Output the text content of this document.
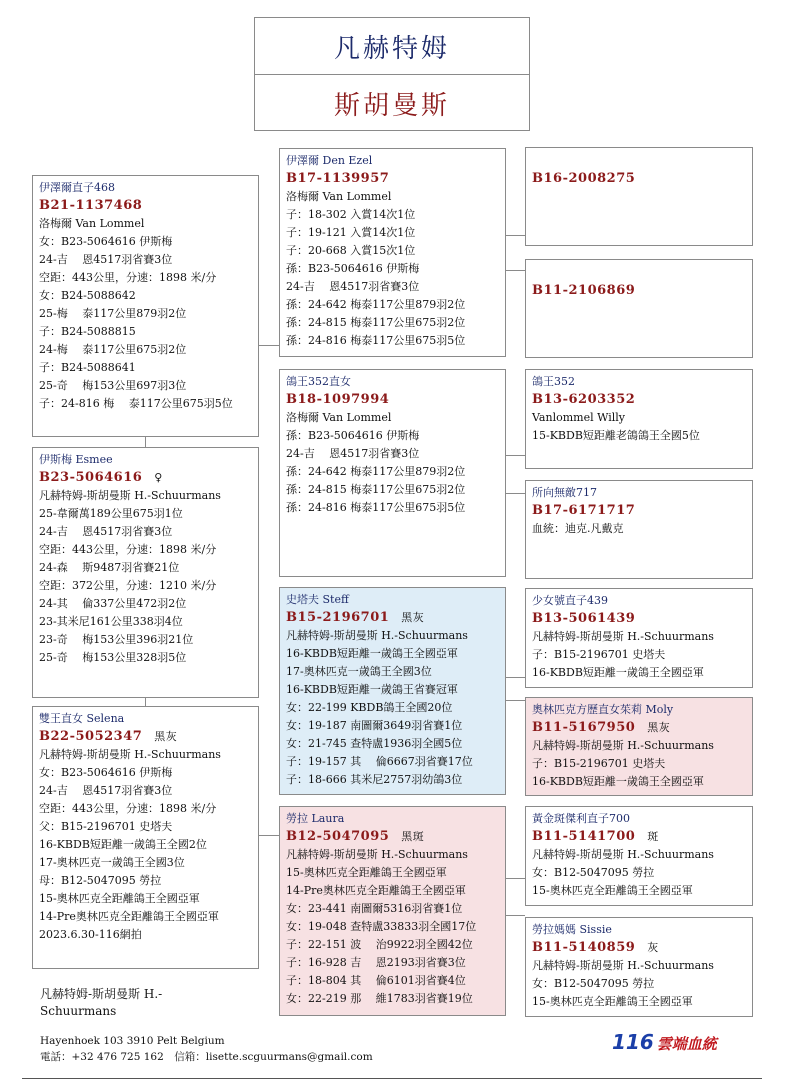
凡赫特姆
斯胡曼斯
伊澤爾直子468
B21-1137468
洛梅爾 Van Lommel
女：B23-5064616 伊斯梅
24-吉　 恩4517羽省賽3位
空距：443公里，分速：1898 米/分
女：B24-5088642
25-梅　 泰117公里879羽2位
子：B24-5088815
24-梅　 泰117公里675羽2位
子：B24-5088641
25-奇　 梅153公里697羽3位
子：24-816 梅　 泰117公里675羽5位
伊斯梅 Esmee
B23-5064616 ♀
凡赫特姆-斯胡曼斯 H.-Schuurmans
25-韋爾萬189公里675羽1位
24-吉　 恩4517羽省賽3位
空距：443公里，分速：1898 米/分
24-森　 斯9487羽省賽21位
空距：372公里，分速：1210 米/分
24-其　 倫337公里472羽2位
23-其米尼161公里338羽4位
23-奇　 梅153公里396羽21位
25-奇　 梅153公里328羽5位
雙王直女 Selena
B22-5052347 黑灰
凡赫特姆-斯胡曼斯 H.-Schuurmans
女：B23-5064616 伊斯梅
24-吉　 恩4517羽省賽3位
空距：443公里，分速：1898 米/分
父：B15-2196701 史塔夫
16-KBDB短距離一歲鴿王全國2位
17-奧林匹克一歲鴿王全國3位
母：B12-5047095 勞拉
15-奧林匹克全距離鴿王全國亞軍
14-Pre奧林匹克全距離鴿王全國亞軍
2023.6.30-116網拍
伊澤爾 Den Ezel
B17-1139957
洛梅爾 Van Lommel
子：18-302 入賞14次1位
子：19-121 入賞14次1位
子：20-668 入賞15次1位
孫：B23-5064616 伊斯梅
24-吉　 恩4517羽省賽3位
孫：24-642 梅泰117公里879羽2位
孫：24-815 梅泰117公里675羽2位
孫：24-816 梅泰117公里675羽5位
鴿王352直女
B18-1097994
洛梅爾 Van Lommel
孫：B23-5064616 伊斯梅
24-吉　 恩4517羽省賽3位
孫：24-642 梅泰117公里879羽2位
孫：24-815 梅泰117公里675羽2位
孫：24-816 梅泰117公里675羽5位
史塔夫 Steff
B15-2196701 黑灰
凡赫特姆-斯胡曼斯 H.-Schuurmans
16-KBDB短距離一歲鴿王全國亞軍
17-奧林匹克一歲鴿王全國3位
16-KBDB短距離一歲鴿王省賽冠軍
女：22-199 KBDB鴿王全國20位
女：19-187 南圖爾3649羽省賽1位
女：21-745 查特盧1936羽全國5位
子：19-157 其　 倫6667羽省賽17位
子：18-666 其米尼2757羽幼鴿3位
勞拉 Laura
B12-5047095 黑斑
凡赫特姆-斯胡曼斯 H.-Schuurmans
15-奧林匹克全距離鴿王全國亞軍
14-Pre奧林匹克全距離鴿王全國亞軍
女：23-441 南圖爾5316羽省賽1位
女：19-048 查特盧33833羽全國17位
子：22-151 波　 治9922羽全國42位
子：16-928 吉　 恩2193羽省賽3位
子：18-804 其　 倫6101羽省賽4位
女：22-219 那　 維1783羽省賽19位
B16-2008275
B11-2106869
鴿王352
B13-6203352
Vanlommel Willy
15-KBDB短距離老鴿鴿王全國5位
所向無敵717
B17-6171717
血統：迪克.凡戴克
少女號直子439
B13-5061439
凡赫特姆-斯胡曼斯 H.-Schuurmans
子：B15-2196701 史塔夫
16-KBDB短距離一歲鴿王全國亞軍
奧林匹克方歷直女茱莉 Moly
B11-5167950 黑灰
凡赫特姆-斯胡曼斯 H.-Schuurmans
子：B15-2196701 史塔夫
16-KBDB短距離一歲鴿王全國亞軍
黃金斑傑利直子700
B11-5141700 斑
凡赫特姆-斯胡曼斯 H.-Schuurmans
女：B12-5047095 勞拉
15-奧林匹克全距離鴿王全國亞軍
勞拉媽媽 Sissie
B11-5140859 灰
凡赫特姆-斯胡曼斯 H.-Schuurmans
女：B12-5047095 勞拉
15-奧林匹克全距離鴿王全國亞軍
凡赫特姆-斯胡曼斯 H.-Schuurmans
Hayenhoek 103 3910 Pelt Belgium
電話：+32 476 725 162　信箱：lisette.scguurmans@gmail.com
116 雲端血統
